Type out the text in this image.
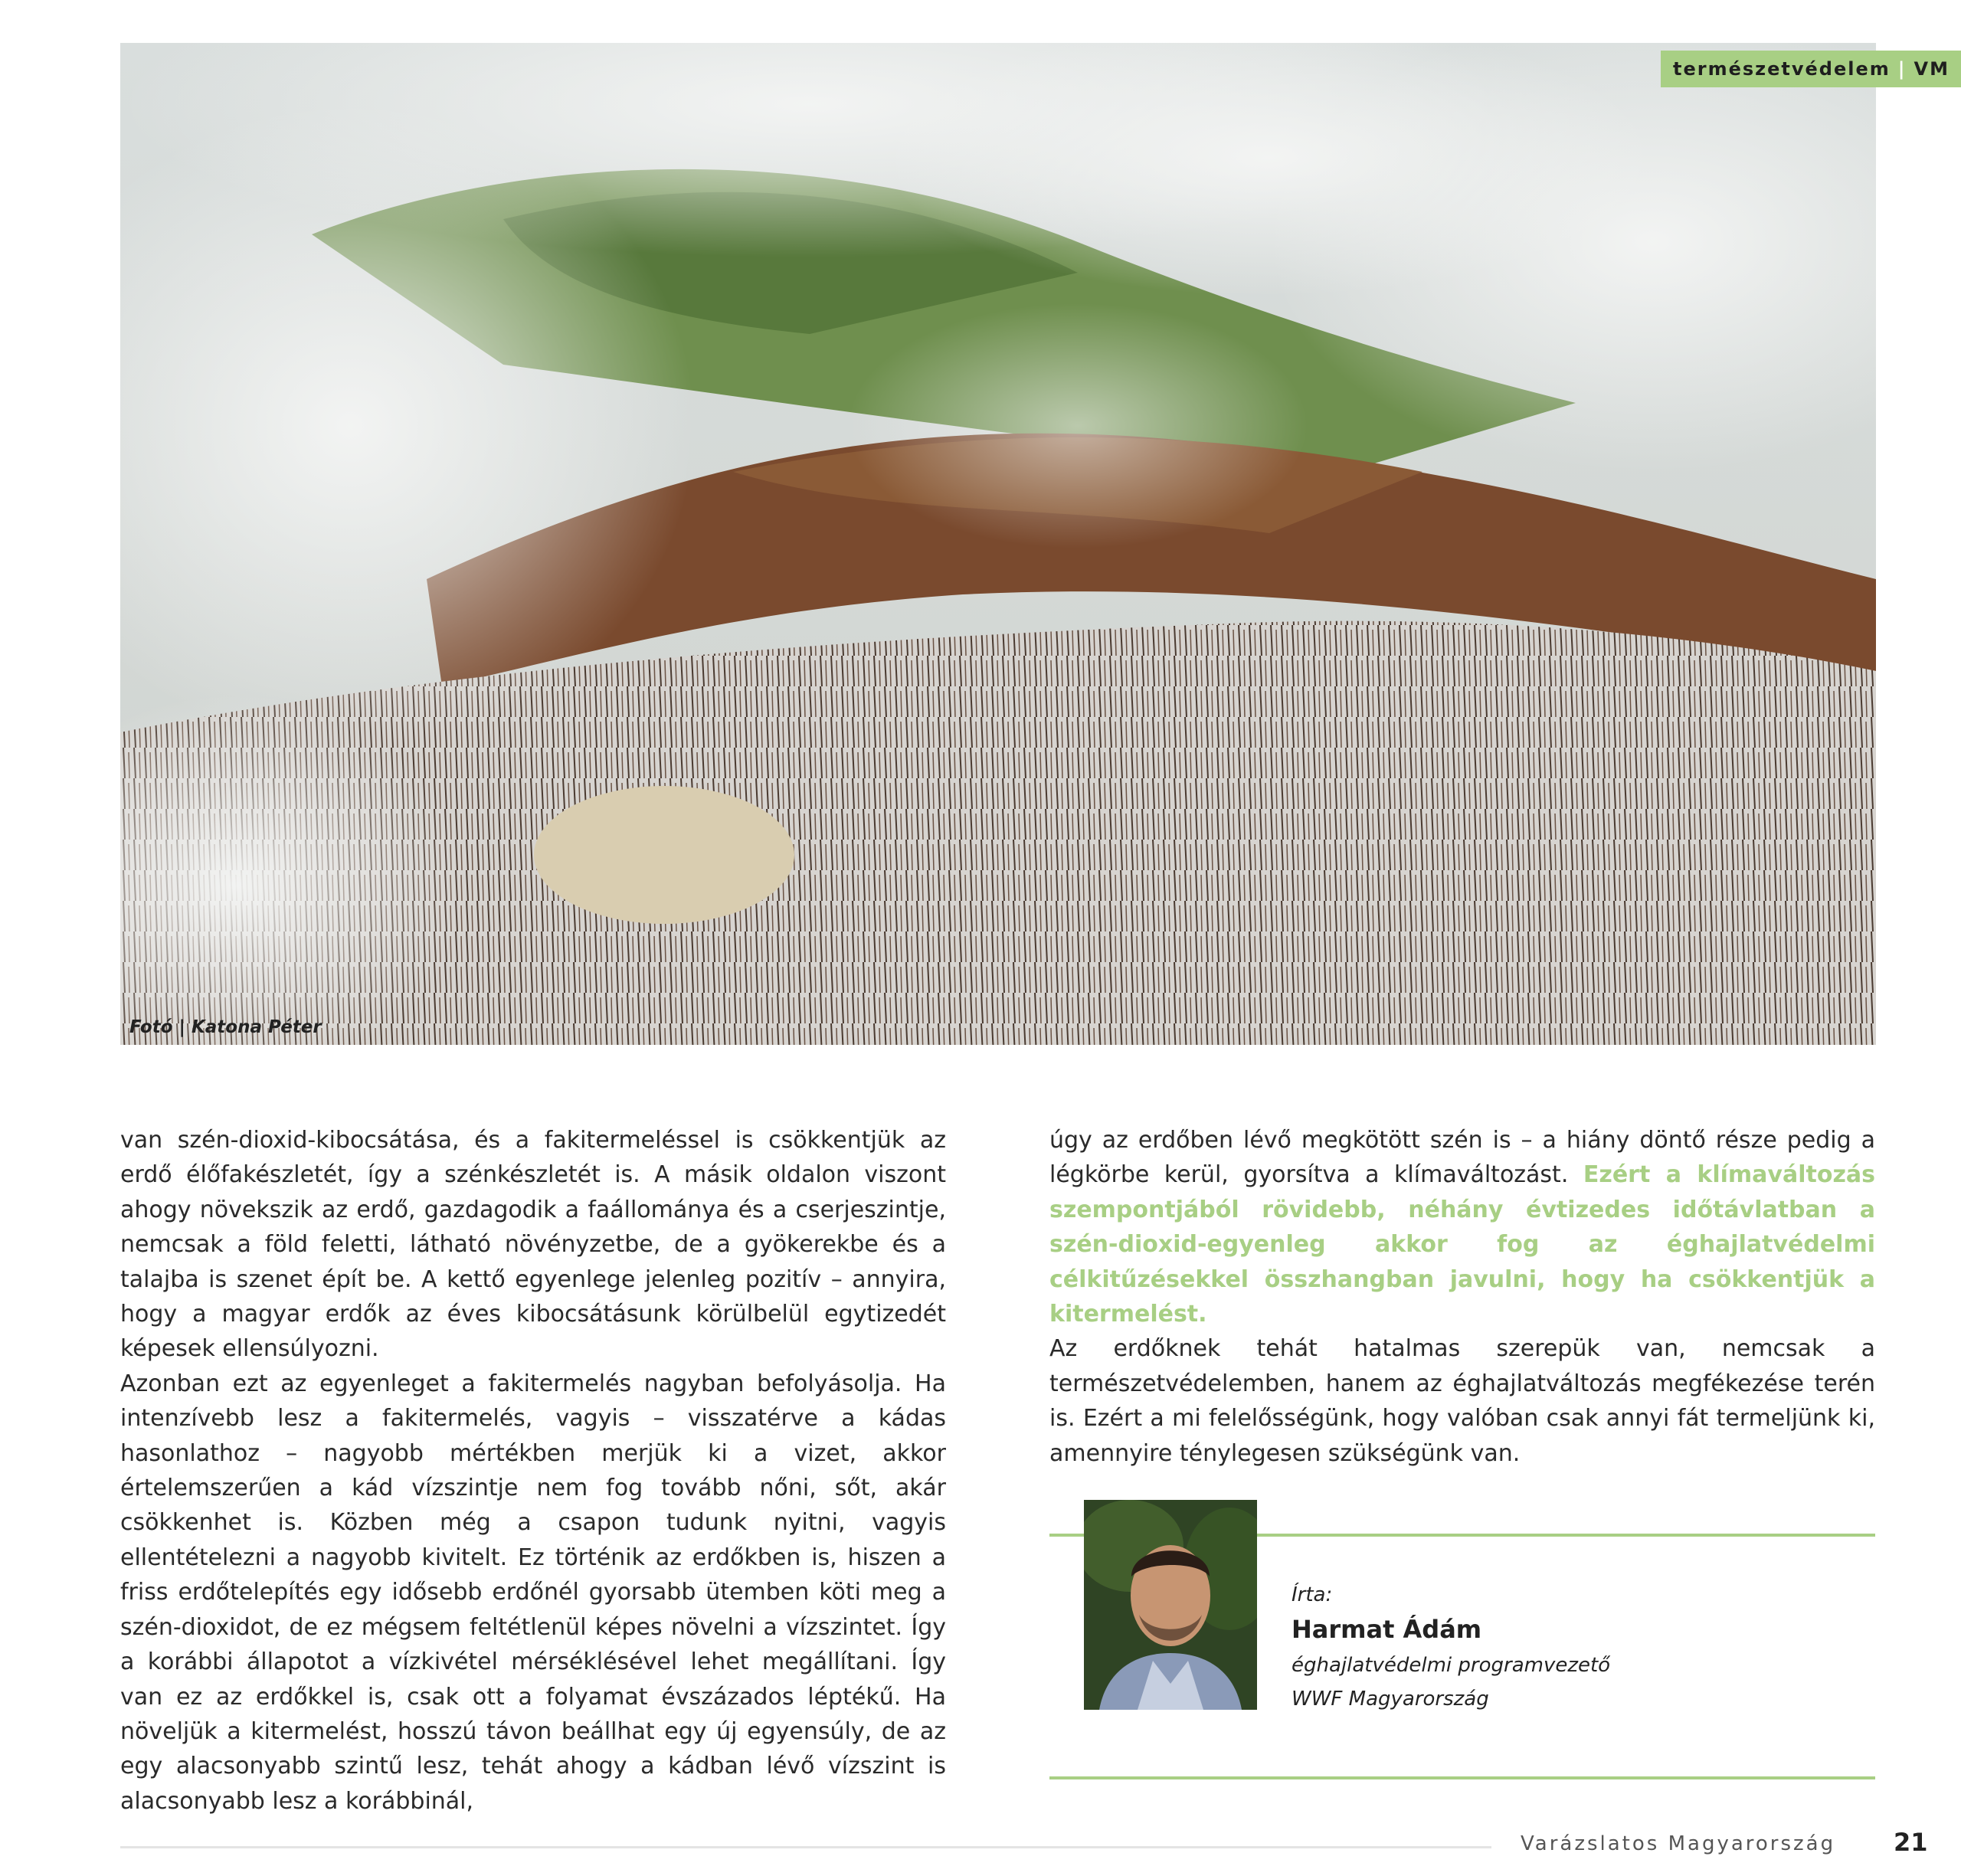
Fotó | Katona Péter
természetvédelem | VM

van szén-dioxid-kibocsátása, és a fakitermeléssel is csökkentjük az erdő élőfakészletét, így a szénkészletét is. A másik oldalon viszont ahogy növekszik az erdő, gazdagodik a faállománya és a cserjeszintje, nemcsak a föld feletti, látható növényzetbe, de a gyökerekbe és a talajba is szenet épít be. A kettő egyenlege jelenleg pozitív – annyira, hogy a magyar erdők az éves kibocsátásunk körülbelül egytizedét képesek ellensúlyozni.

Azonban ezt az egyenleget a fakitermelés nagyban befolyásolja. Ha intenzívebb lesz a fakitermelés, vagyis – visszatérve a kádas hasonlathoz – nagyobb mértékben merjük ki a vizet, akkor értelemszerűen a kád vízszintje nem fog tovább nőni, sőt, akár csökkenhet is. Közben még a csapon tudunk nyitni, vagyis ellentételezni a nagyobb kivitelt. Ez történik az erdőkben is, hiszen a friss erdőtelepítés egy idősebb erdőnél gyorsabb ütemben köti meg a szén-dioxidot, de ez mégsem feltétlenül képes növelni a vízszintet. Így a korábbi állapotot a vízkivétel mérséklésével lehet megállítani. Így van ez az erdőkkel is, csak ott a folyamat évszázados léptékű. Ha növeljük a kitermelést, hosszú távon beállhat egy új egyensúly, de az egy alacsonyabb szintű lesz, tehát ahogy a kádban lévő vízszint is alacsonyabb lesz a korábbinál,

úgy az erdőben lévő megkötött szén is – a hiány döntő része pedig a légkörbe kerül, gyorsítva a klímaváltozást. Ezért a klímaváltozás szempontjából rövidebb, néhány évtizedes időtávlatban a szén-dioxid-egyenleg akkor fog az éghajlatvédelmi célkitűzésekkel összhangban javulni, hogy ha csökkentjük a kitermelést.

Az erdőknek tehát hatalmas szerepük van, nemcsak a természetvédelemben, hanem az éghajlatváltozás megfékezése terén is. Ezért a mi felelősségünk, hogy valóban csak annyi fát termeljünk ki, amennyire ténylegesen szükségünk van.

Írta:
Harmat Ádám
éghajlatvédelmi programvezető
WWF Magyarország
Varázslatos Magyarország 21
